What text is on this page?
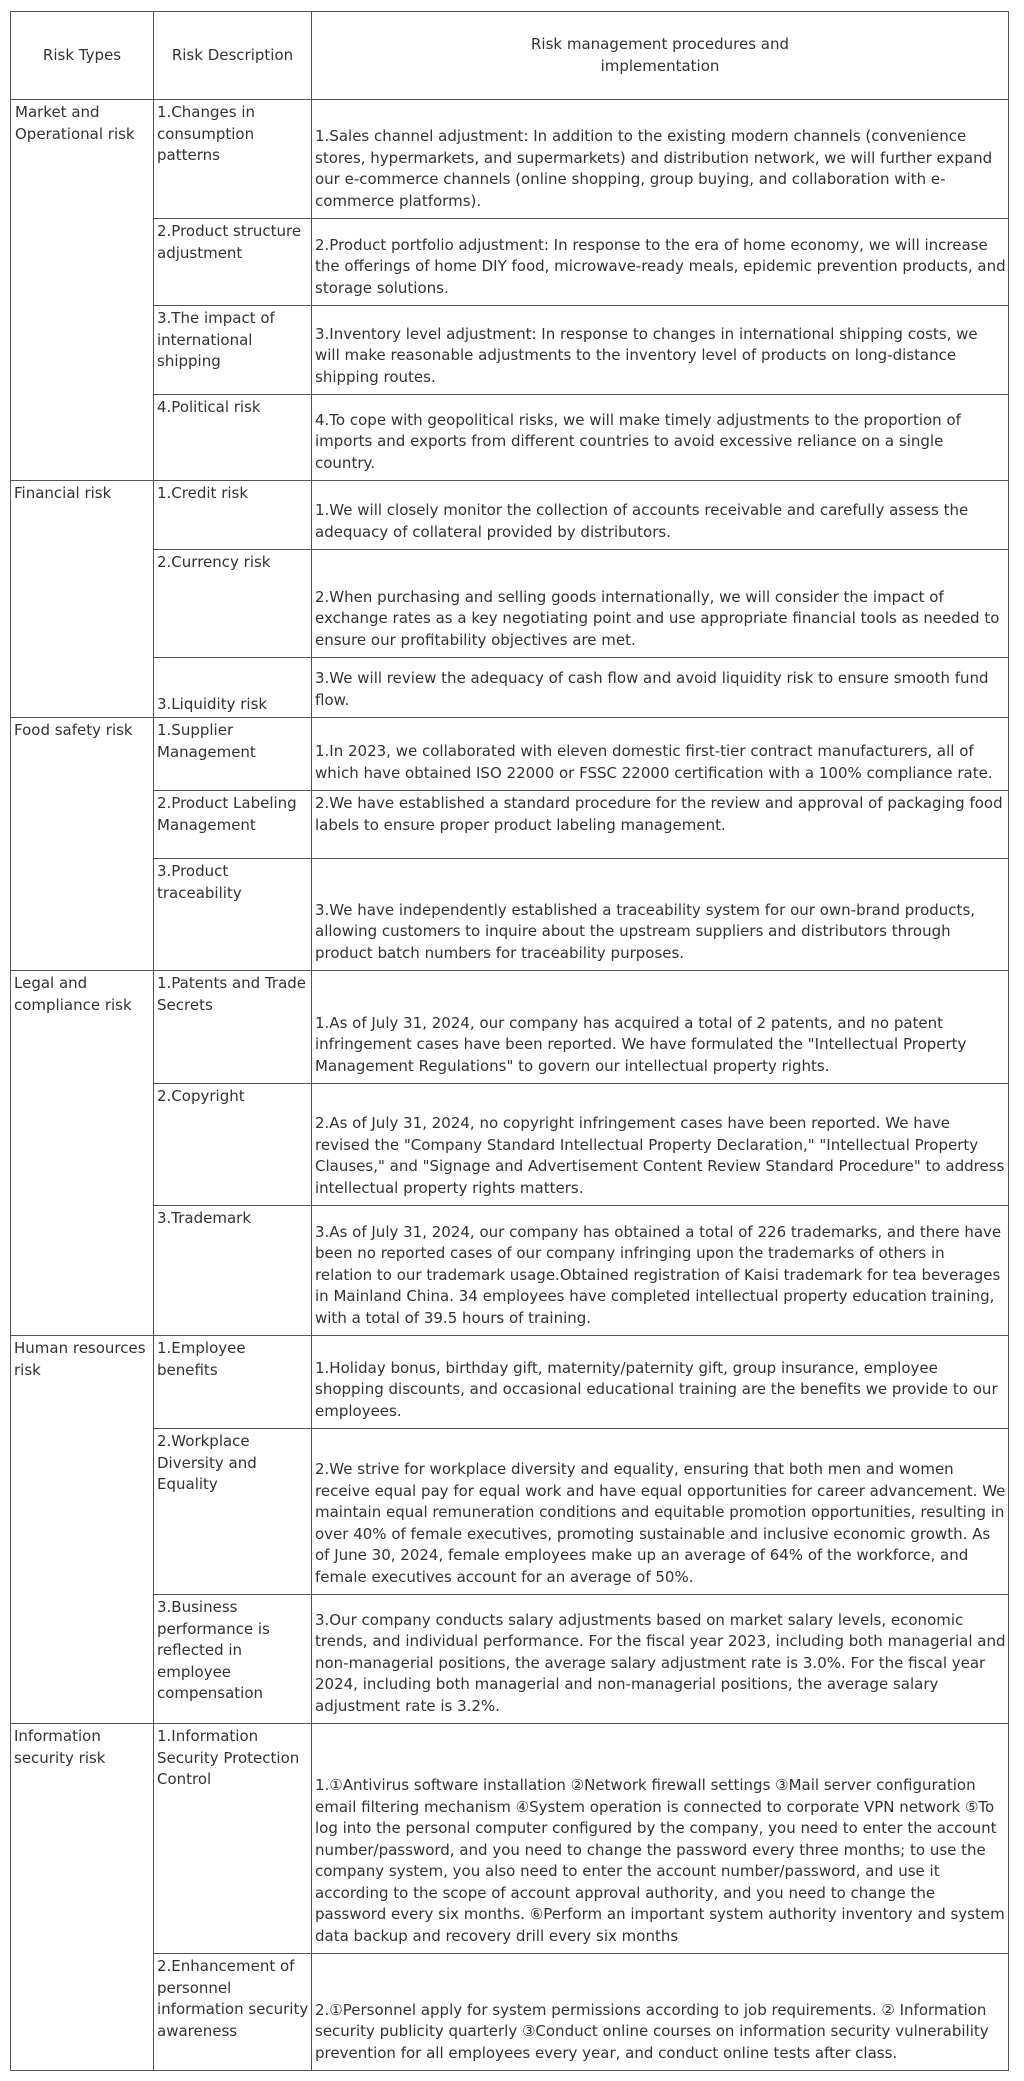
Risk Types	Risk Description	Risk management procedures and implementation
Market and Operational risk	1.Changes in consumption patterns	1.Sales channel adjustment: In addition to the existing modern channels (convenience stores, hypermarkets, and supermarkets) and distribution network, we will further expand our e-commerce channels (online shopping, group buying, and collaboration with e-commerce platforms).
	2.Product structure adjustment	2.Product portfolio adjustment: In response to the era of home economy, we will increase the offerings of home DIY food, microwave-ready meals, epidemic prevention products, and storage solutions.
	3.The impact of international shipping	3.Inventory level adjustment: In response to changes in international shipping costs, we will make reasonable adjustments to the inventory level of products on long-distance shipping routes.
	4.Political risk	4.To cope with geopolitical risks, we will make timely adjustments to the proportion of imports and exports from different countries to avoid excessive reliance on a single country.
Financial risk	1.Credit risk	1.We will closely monitor the collection of accounts receivable and carefully assess the adequacy of collateral provided by distributors.
	2.Currency risk	2.When purchasing and selling goods internationally, we will consider the impact of exchange rates as a key negotiating point and use appropriate financial tools as needed to ensure our profitability objectives are met.
	3.Liquidity risk	3.We will review the adequacy of cash flow and avoid liquidity risk to ensure smooth fund flow.
Food safety risk	1.Supplier Management	1.In 2023, we collaborated with eleven domestic first-tier contract manufacturers, all of which have obtained ISO 22000 or FSSC 22000 certification with a 100% compliance rate.
	2.Product Labeling Management	2.We have established a standard procedure for the review and approval of packaging food labels to ensure proper product labeling management.
	3.Product traceability	3.We have independently established a traceability system for our own-brand products, allowing customers to inquire about the upstream suppliers and distributors through product batch numbers for traceability purposes.
Legal and compliance risk	1.Patents and Trade Secrets	1.As of July 31, 2024, our company has acquired a total of 2 patents, and no patent infringement cases have been reported. We have formulated the "Intellectual Property Management Regulations" to govern our intellectual property rights.
	2.Copyright	2.As of July 31, 2024, no copyright infringement cases have been reported. We have revised the "Company Standard Intellectual Property Declaration," "Intellectual Property Clauses," and "Signage and Advertisement Content Review Standard Procedure" to address intellectual property rights matters.
	3.Trademark	3.As of July 31, 2024, our company has obtained a total of 226 trademarks, and there have been no reported cases of our company infringing upon the trademarks of others in relation to our trademark usage.Obtained registration of Kaisi trademark for tea beverages in Mainland China. 34 employees have completed intellectual property education training, with a total of 39.5 hours of training.
Human resources risk	1.Employee benefits	1.Holiday bonus, birthday gift, maternity/paternity gift, group insurance, employee shopping discounts, and occasional educational training are the benefits we provide to our employees.
	2.Workplace Diversity and Equality	2.We strive for workplace diversity and equality, ensuring that both men and women receive equal pay for equal work and have equal opportunities for career advancement. We maintain equal remuneration conditions and equitable promotion opportunities, resulting in over 40% of female executives, promoting sustainable and inclusive economic growth. As of June 30, 2024, female employees make up an average of 64% of the workforce, and female executives account for an average of 50%.
	3.Business performance is reflected in employee compensation	3.Our company conducts salary adjustments based on market salary levels, economic trends, and individual performance. For the fiscal year 2023, including both managerial and non-managerial positions, the average salary adjustment rate is 3.0%. For the fiscal year 2024, including both managerial and non-managerial positions, the average salary adjustment rate is 3.2%.
Information security risk	1.Information Security Protection Control	1.①Antivirus software installation ②Network firewall settings ③Mail server configuration email filtering mechanism ④System operation is connected to corporate VPN network ⑤To log into the personal computer configured by the company, you need to enter the account number/password, and you need to change the password every three months; to use the company system, you also need to enter the account number/password, and use it according to the scope of account approval authority, and you need to change the password every six months. ⑥Perform an important system authority inventory and system data backup and recovery drill every six months
	2.Enhancement of personnel information security awareness	2.①Personnel apply for system permissions according to job requirements. ② Information security publicity quarterly ③Conduct online courses on information security vulnerability prevention for all employees every year, and conduct online tests after class.
